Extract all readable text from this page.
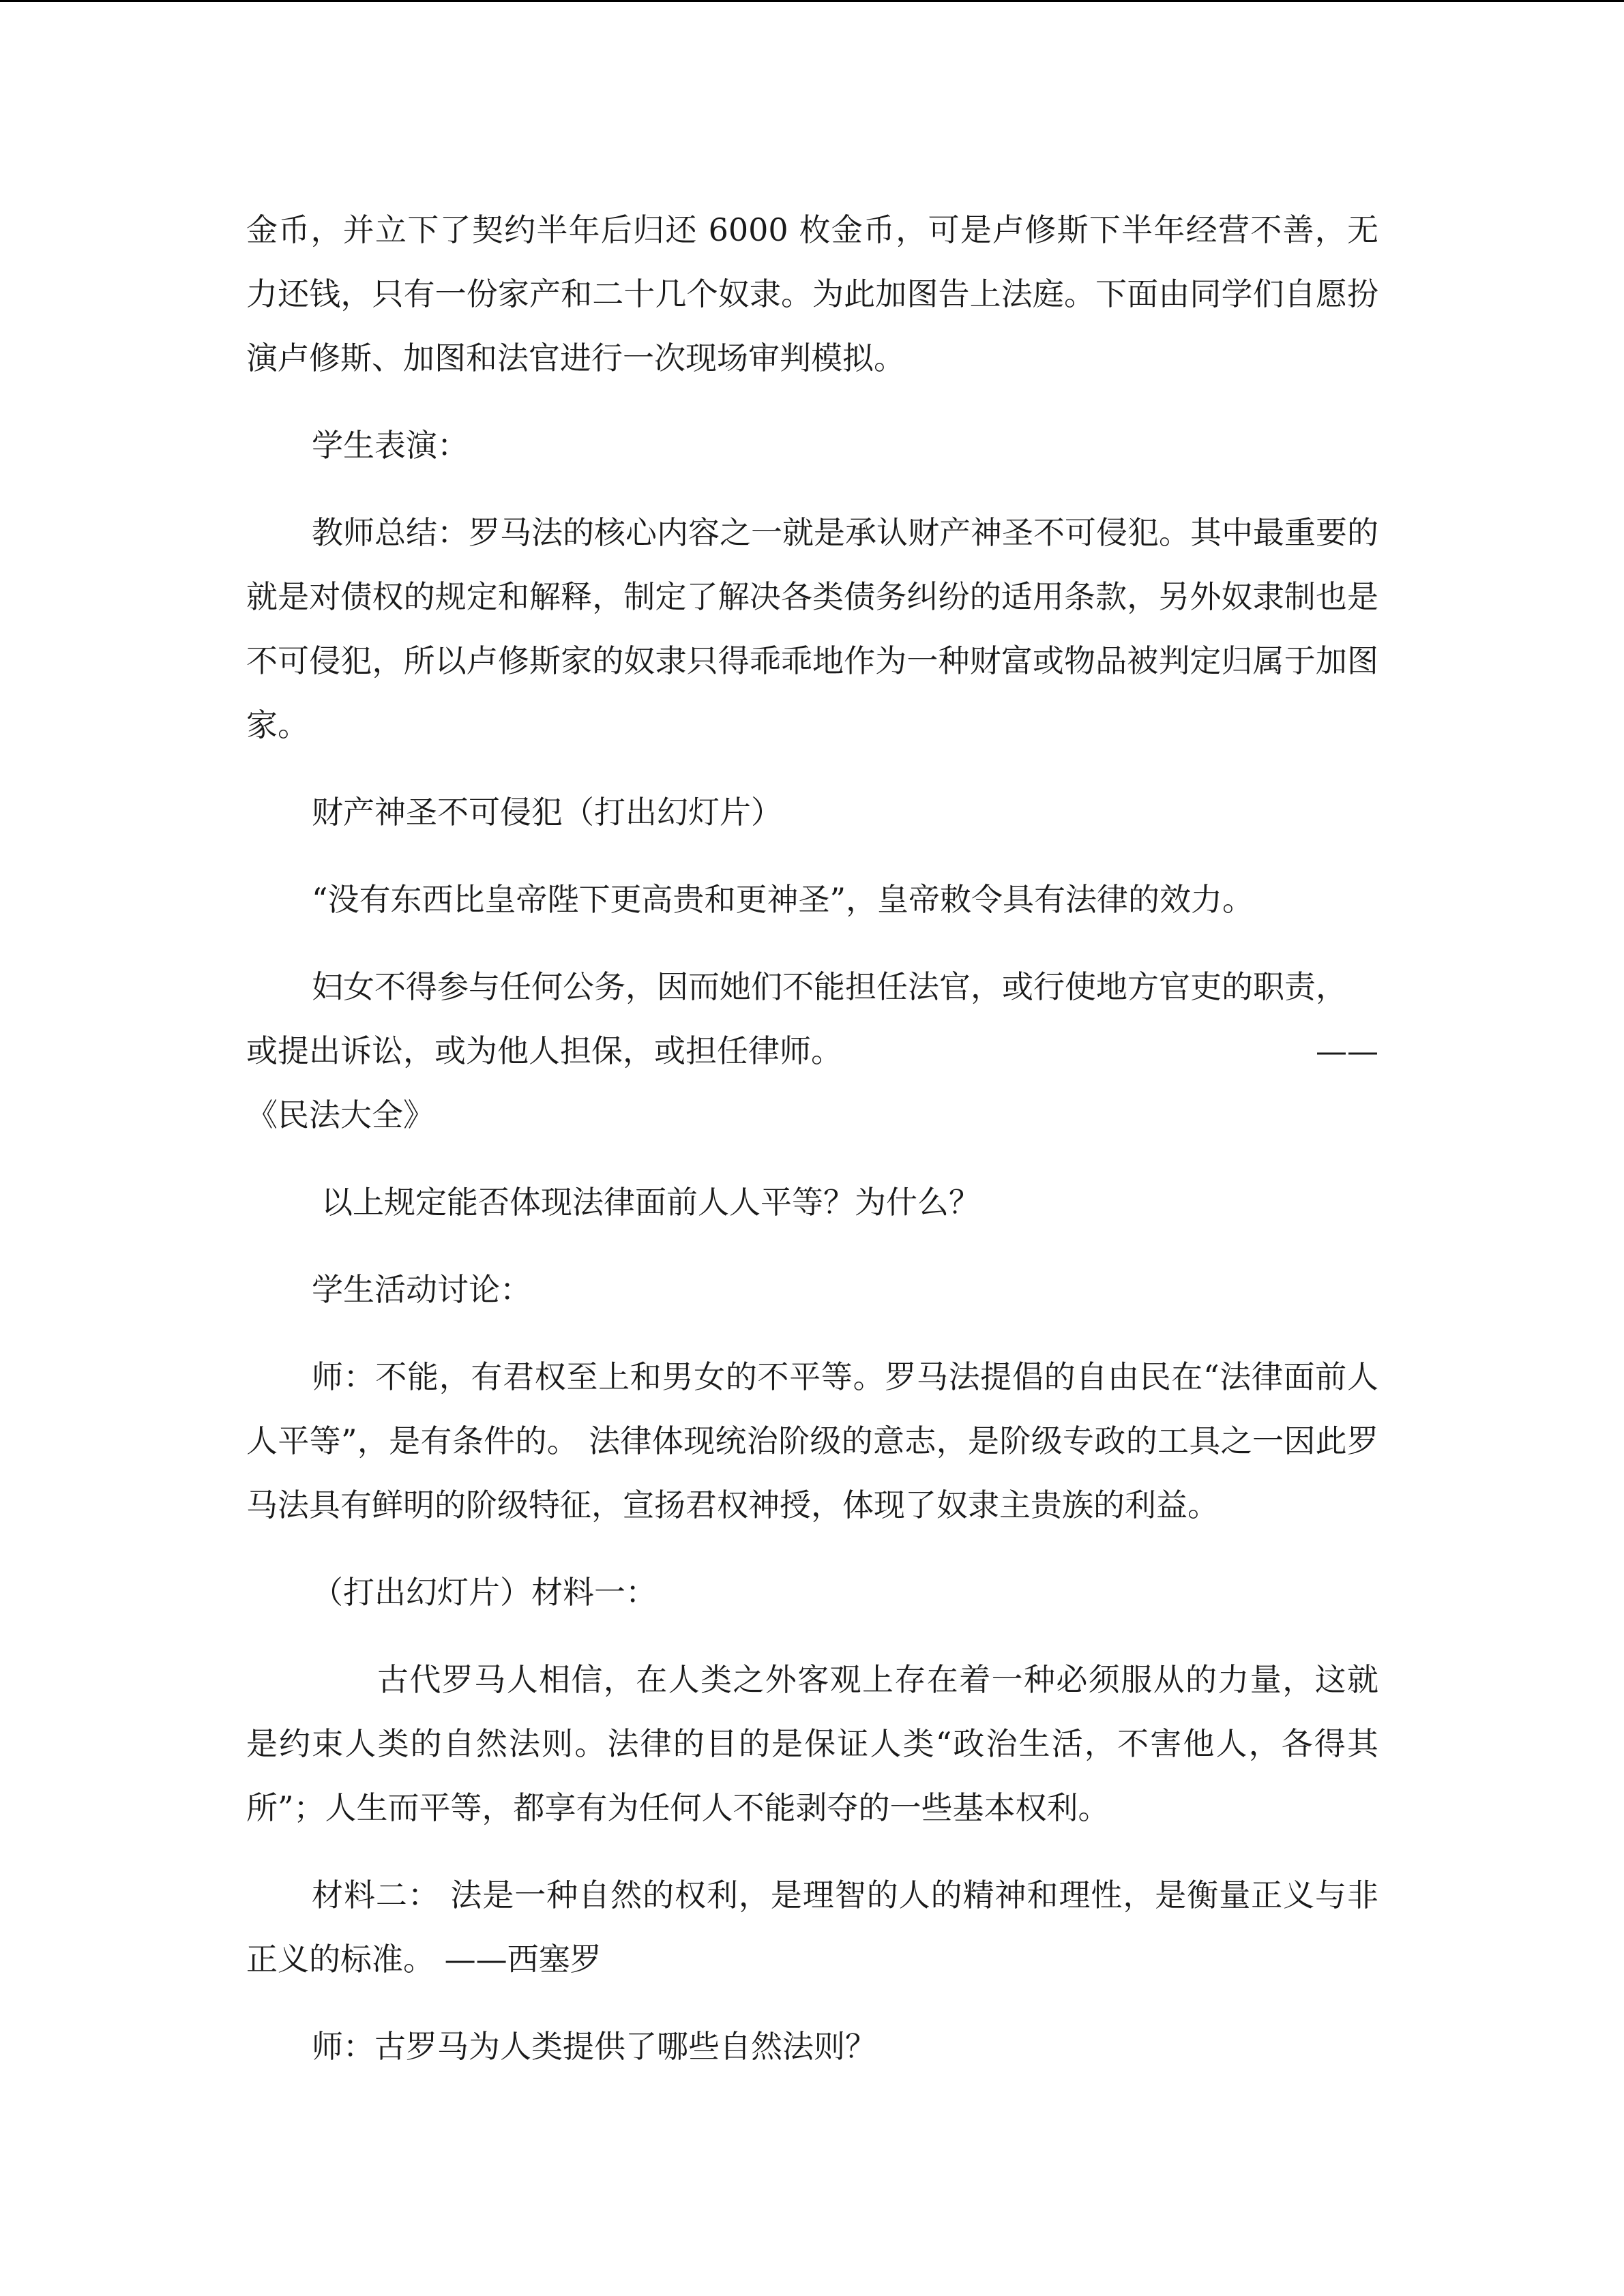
金币，并立下了契约半年后归还 6000 枚金币，可是卢修斯下半年经营不善，无力还钱，只有一份家产和二十几个奴隶。为此加图告上法庭。下面由同学们自愿扮演卢修斯、加图和法官进行一次现场审判模拟。

学生表演：

教师总结：罗马法的核心内容之一就是承认财产神圣不可侵犯。其中最重要的就是对债权的规定和解释，制定了解决各类债务纠纷的适用条款，另外奴隶制也是不可侵犯，所以卢修斯家的奴隶只得乖乖地作为一种财富或物品被判定归属于加图家。

财产神圣不可侵犯（打出幻灯片）

“没有东西比皇帝陛下更高贵和更神圣”，皇帝敕令具有法律的效力。

妇女不得参与任何公务，因而她们不能担任法官，或行使地方官吏的职责，

或提出诉讼，或为他人担保，或担任律师。	——

《民法大全》

以上规定能否体现法律面前人人平等？为什么？

学生活动讨论：

师：不能，有君权至上和男女的不平等。罗马法提倡的自由民在“法律面前人人平等”，是有条件的。 法律体现统治阶级的意志，是阶级专政的工具之一因此罗马法具有鲜明的阶级特征，宣扬君权神授，体现了奴隶主贵族的利益。

（打出幻灯片）材料一：

古代罗马人相信，在人类之外客观上存在着一种必须服从的力量，这就是约束人类的自然法则。法律的目的是保证人类“政治生活，不害他人，各得其所”；人生而平等，都享有为任何人不能剥夺的一些基本权利。

材料二： 法是一种自然的权利，是理智的人的精神和理性，是衡量正义与非正义的标准。 ——西塞罗

师：古罗马为人类提供了哪些自然法则？
